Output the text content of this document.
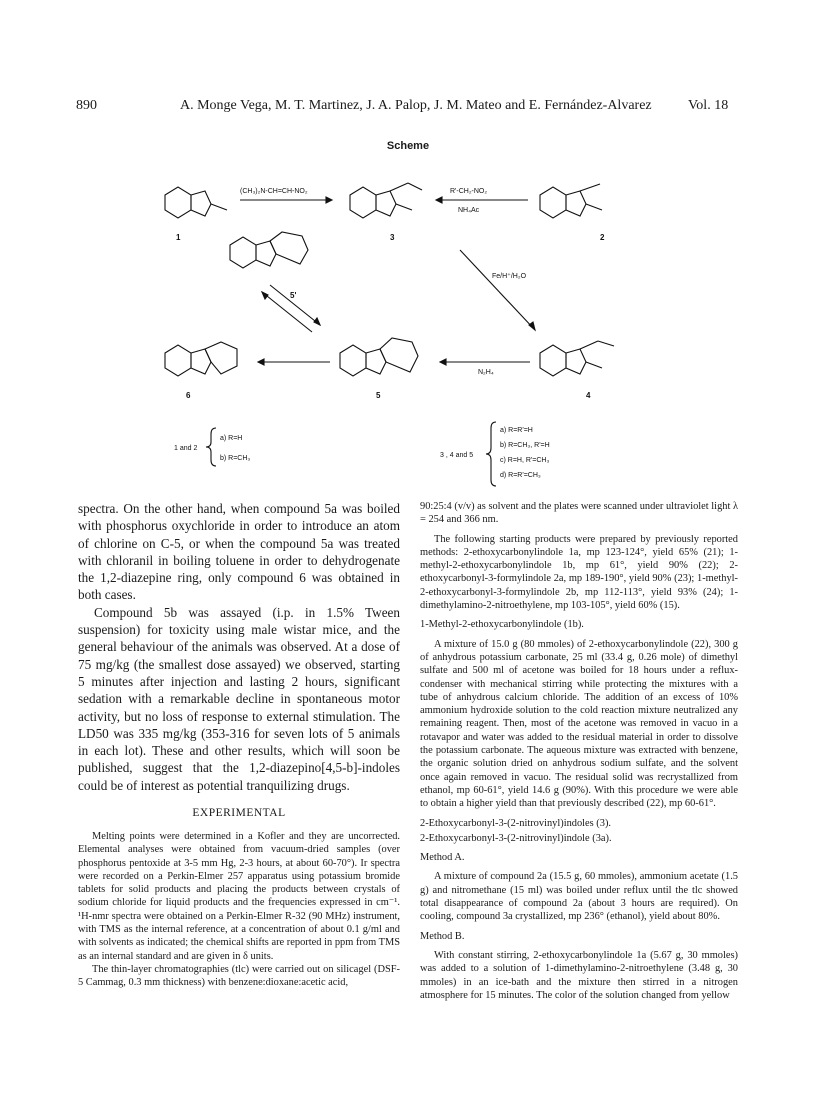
890	A. Monge Vega, M. T. Martinez, J. A. Palop, J. M. Mateo and E. Fernández-Alvarez	Vol. 18
Scheme
(CH₃)₂N-CH=CH-NO₂	R'-CH₂-NO₂
NH₄Ac
Fe/H⁺/H₂O
N₂H₄
1	3	2
5'
6	5	4
1 and 2
a) R=H
b) R=CH₃	3 , 4 and 5
a) R=R'=H
b) R=CH₃, R'=H
c) R=H, R'=CH₃
d) R=R'=CH₃

spectra. On the other hand, when compound 5a was boiled with phosphorus oxychloride in order to introduce an atom of chlorine on C-5, or when the compound 5a was treated with chloranil in boiling toluene in order to dehydrogenate the 1,2-diazepine ring, only compound 6 was obtained in both cases.

Compound 5b was assayed (i.p. in 1.5% Tween suspension) for toxicity using male wistar mice, and the general behaviour of the animals was observed. At a dose of 75 mg/kg (the smallest dose assayed) we observed, starting 5 minutes after injection and lasting 2 hours, significant sedation with a remarkable decline in spontaneous motor activity, but no loss of response to external stimulation. The LD50 was 335 mg/kg (353-316 for seven lots of 5 animals in each lot). These and other results, which will soon be published, suggest that the 1,2-diazepino[4,5-b]-indoles could be of interest as potential tranquilizing drugs.

EXPERIMENTAL

Melting points were determined in a Kofler and they are uncorrected. Elemental analyses were obtained from vacuum-dried samples (over phosphorus pentoxide at 3-5 mm Hg, 2-3 hours, at about 60-70°). Ir spectra were recorded on a Perkin-Elmer 257 apparatus using potassium bromide tablets for solid products and placing the products between crystals of sodium chloride for liquid products and the frequencies expressed in cm⁻¹. ¹H-nmr spectra were obtained on a Perkin-Elmer R-32 (90 MHz) instrument, with TMS as the internal reference, at a concentration of about 0.1 g/ml and with solvents as indicated; the chemical shifts are reported in ppm from TMS as an internal standard and are given in δ units.

The thin-layer chromatographies (tlc) were carried out on silicagel (DSF-5 Cammag, 0.3 mm thickness) with benzene:dioxane:acetic acid,

90:25:4 (v/v) as solvent and the plates were scanned under ultraviolet light λ = 254 and 366 nm.

The following starting products were prepared by previously reported methods: 2-ethoxycarbonylindole 1a, mp 123-124°, yield 65% (21); 1-methyl-2-ethoxycarbonylindole 1b, mp 61°, yield 90% (22); 2-ethoxycarbonyl-3-formylindole 2a, mp 189-190°, yield 90% (23); 1-methyl-2-ethoxycarbonyl-3-formylindole 2b, mp 112-113°, yield 93% (24); 1-dimethylamino-2-nitroethylene, mp 103-105°, yield 60% (15).

1-Methyl-2-ethoxycarbonylindole (1b).

A mixture of 15.0 g (80 mmoles) of 2-ethoxycarbonylindole (22), 300 g of anhydrous potassium carbonate, 25 ml (33.4 g, 0.26 mole) of dimethyl sulfate and 500 ml of acetone was boiled for 18 hours under a reflux-condenser with mechanical stirring while protecting the mixtures with a tube of anhydrous calcium chloride. The addition of an excess of 10% ammonium hydroxide solution to the cold reaction mixture neutralized any remaining reagent. Then, most of the acetone was removed in vacuo in a rotavapor and water was added to the residual material in order to dissolve the potassium carbonate. The aqueous mixture was extracted with benzene, the organic solution dried on anhydrous sodium sulfate, and the solvent once again removed in vacuo. The residual solid was recrystallized from ethanol, mp 60-61°, yield 14.6 g (90%). With this procedure we were able to obtain a higher yield than that previously described (22), mp 60-61°.

2-Ethoxycarbonyl-3-(2-nitrovinyl)indoles (3).
2-Ethoxycarbonyl-3-(2-nitrovinyl)indole (3a).
Method A.

A mixture of compound 2a (15.5 g, 60 mmoles), ammonium acetate (1.5 g) and nitromethane (15 ml) was boiled under reflux until the tlc showed total disappearance of compound 2a (about 3 hours are required). On cooling, compound 3a crystallized, mp 236° (ethanol), yield about 80%.

Method B.

With constant stirring, 2-ethoxycarbonylindole 1a (5.67 g, 30 mmoles) was added to a solution of 1-dimethylamino-2-nitroethylene (3.48 g, 30 mmoles) in an ice-bath and the mixture then stirred in a nitrogen atmosphere for 15 minutes. The color of the solution changed from yellow
